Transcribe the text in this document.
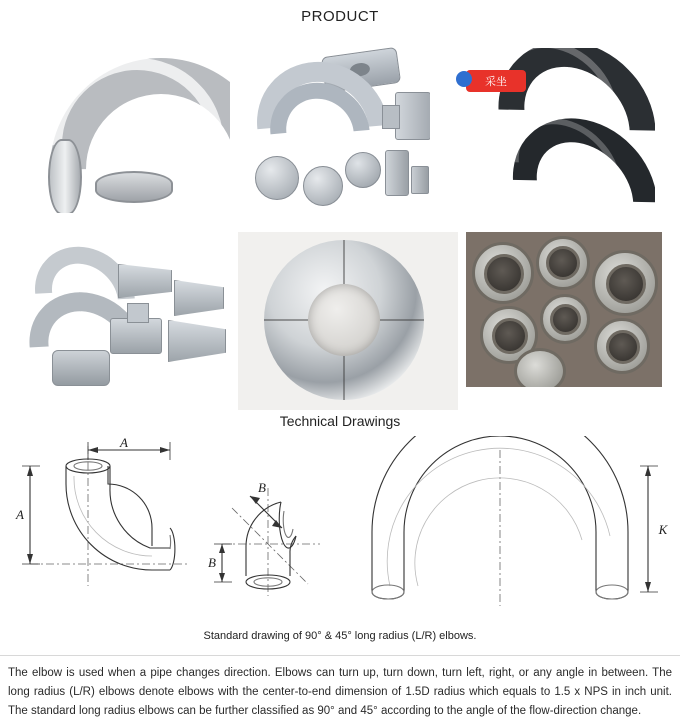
PRODUCT
采坐
Technical Drawings
A
A
B
B
K
Standard drawing of 90° & 45° long radius (L/R) elbows.
The elbow is used when a pipe changes direction. Elbows can turn up, turn down, turn left, right, or any angle in between. The long radius (L/R) elbows denote elbows with the center-to-end dimension of 1.5D radius which equals to 1.5 x NPS in inch unit. The standard long radius elbows can be further classified as 90° and 45° according to the angle of the flow-direction change.
